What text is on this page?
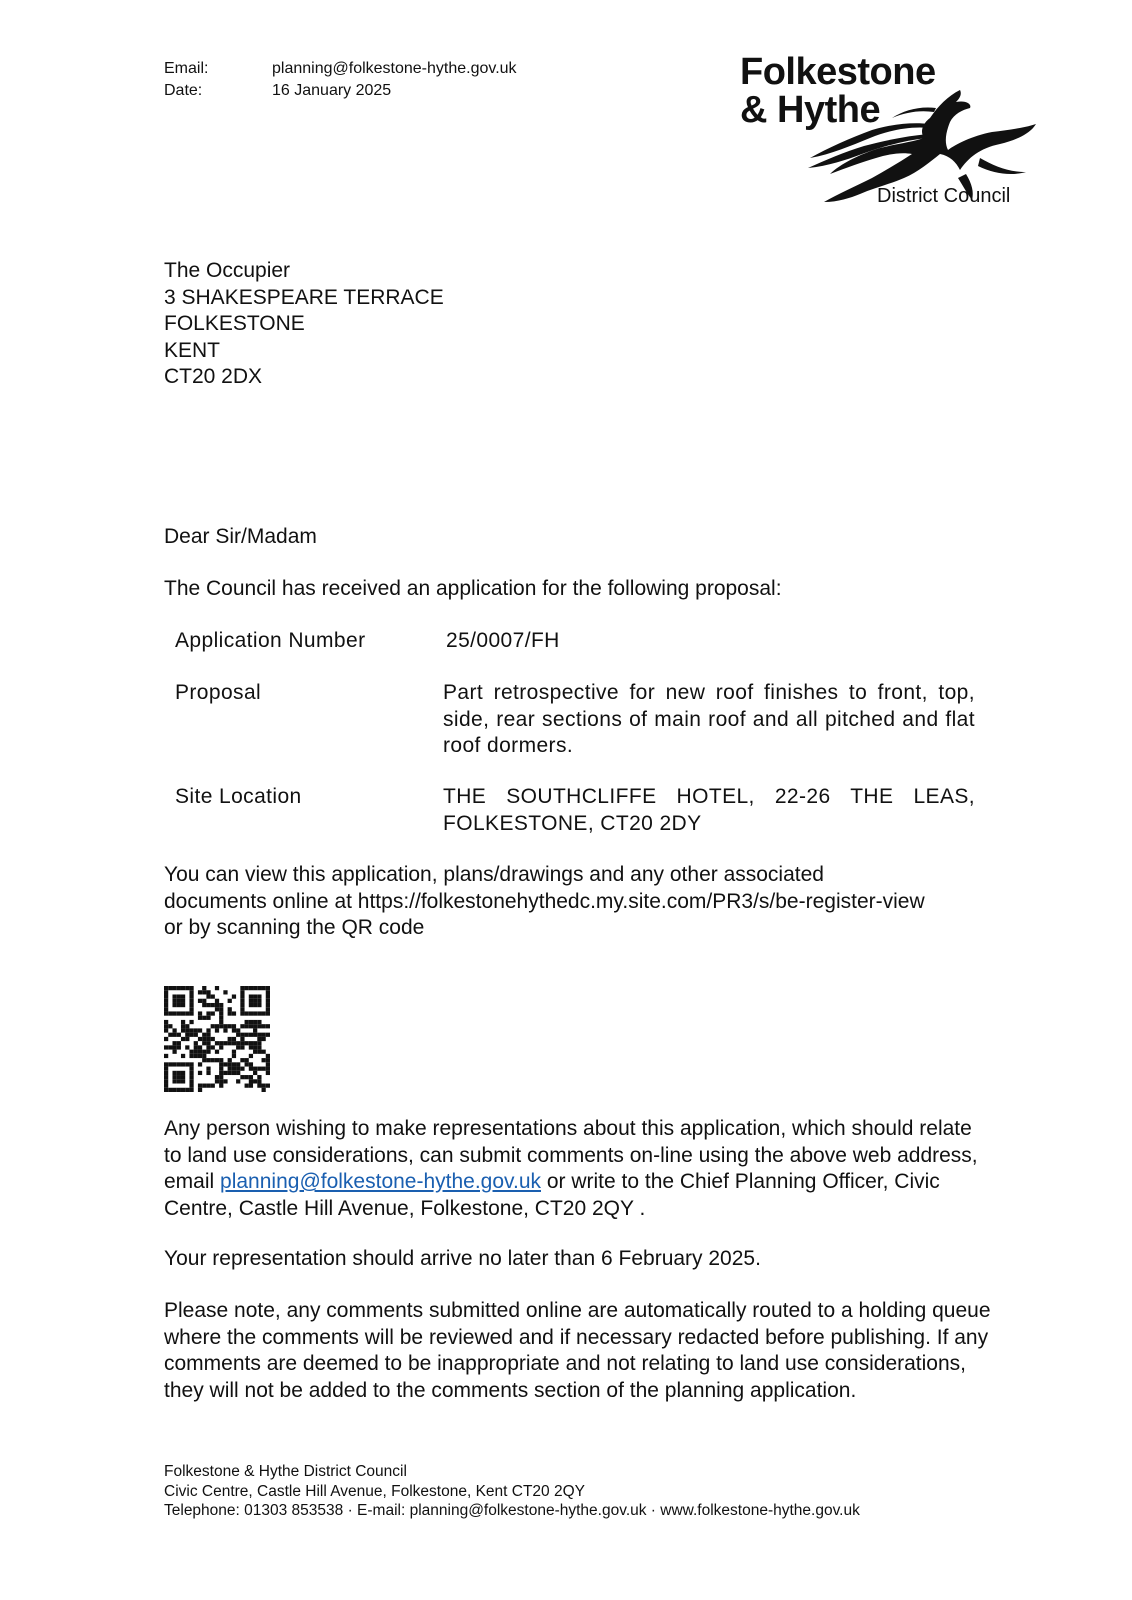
Email:	planning@folkestone-hythe.gov.uk
Date:	16 January 2025	Folkestone
& Hythe
District Council
The Occupier
3 SHAKESPEARE TERRACE
FOLKESTONE
KENT
CT20 2DX
Dear Sir/Madam
The Council has received an application for the following proposal:
Application Number	25/0007/FH
Proposal	Part retrospective for new roof finishes to front, top, side, rear sections of main roof and all pitched and flat roof dormers.
Site Location	THE SOUTHCLIFFE HOTEL, 22-26 THE LEAS, FOLKESTONE, CT20 2DY
You can view this application, plans/drawings and any other associated
documents online at https://folkestonehythedc.my.site.com/PR3/s/be-register-view
or by scanning the QR code
Any person wishing to make representations about this application, which should relate to land use considerations, can submit comments on-line using the above web address, email planning@folkestone-hythe.gov.uk or write to the Chief Planning Officer, Civic Centre, Castle Hill Avenue, Folkestone, CT20 2QY .
Your representation should arrive no later than 6 February 2025.
Please note, any comments submitted online are automatically routed to a holding queue where the comments will be reviewed and if necessary redacted before publishing. If any comments are deemed to be inappropriate and not relating to land use considerations, they will not be added to the comments section of the planning application.
Folkestone & Hythe District Council
Civic Centre, Castle Hill Avenue, Folkestone, Kent CT20 2QY
Telephone: 01303 853538 · E-mail: planning@folkestone-hythe.gov.uk · www.folkestone-hythe.gov.uk
